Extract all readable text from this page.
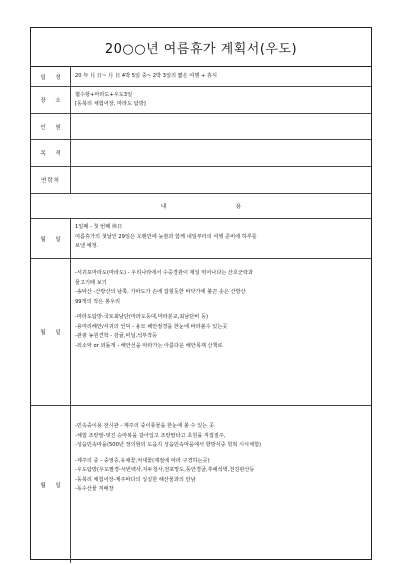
20○○년 여름휴가 계획서(우도)
일 정	20 年 月 日~ 月 日 4박 5일 중~ 2박 3일의 짧은 여행 + 휴식
장 소
협수항+마라도+우도3일
[동북리 체험어장, 마라도 탐방]
인 원
목 적
연락처
내 용
월 일
1일째 - 첫 번째 休日
여름휴가의 첫날인 29일은 오랜만에 늦잠과 함께 내일부터의 여행 준비에 하루를
보낼 예정.
월 일
-서귀포마라도(마라도) - 우리나라에서 수중경관이 제일 뛰어나다는 산호군락과
물고기떼 보기
-송악산 -산방산의 남쪽, 가파도가 손에 잡힐듯한 바닷가에 불끈 솟은 산방산
99개의 작은 봉우리
-마라도탐방-국토최남단(마라도등대,마라분교,최남단비 등)
-용머리해안/서귀의 언덕 - 용모 해안절경을 한눈에 바라볼수 있는곳
-관광 농원견학 - 감귤,비닐,석부작등
-외소악 or 외돌개 - 해안선을 따라가는 아름다운 해안목재 산책로
월 일
-민속중이용 전시관 - 제주의 중이풍물을 한눈에 볼 수 있는 곳.
-체험 조랑말-멋진 승마복을 갈아입고 조랑말타고 초원을 직접질주,
-성읍민속마을(500년 정의현의 도읍지 성읍민속마을에서 향방식중 빙떡 시식체험)
-제주의 중 - 중엉중,유채꽃,억새꽃(계절에 따라 구경하는곳)
-우도탐방(우도팔경-서빈백사,지두청사,전포망도,동안경굴,후해석벽,천진관산등
-동북리 체험어장-제주바다의 싱싱한 해산물과의 만남
-동수산물 직배장
